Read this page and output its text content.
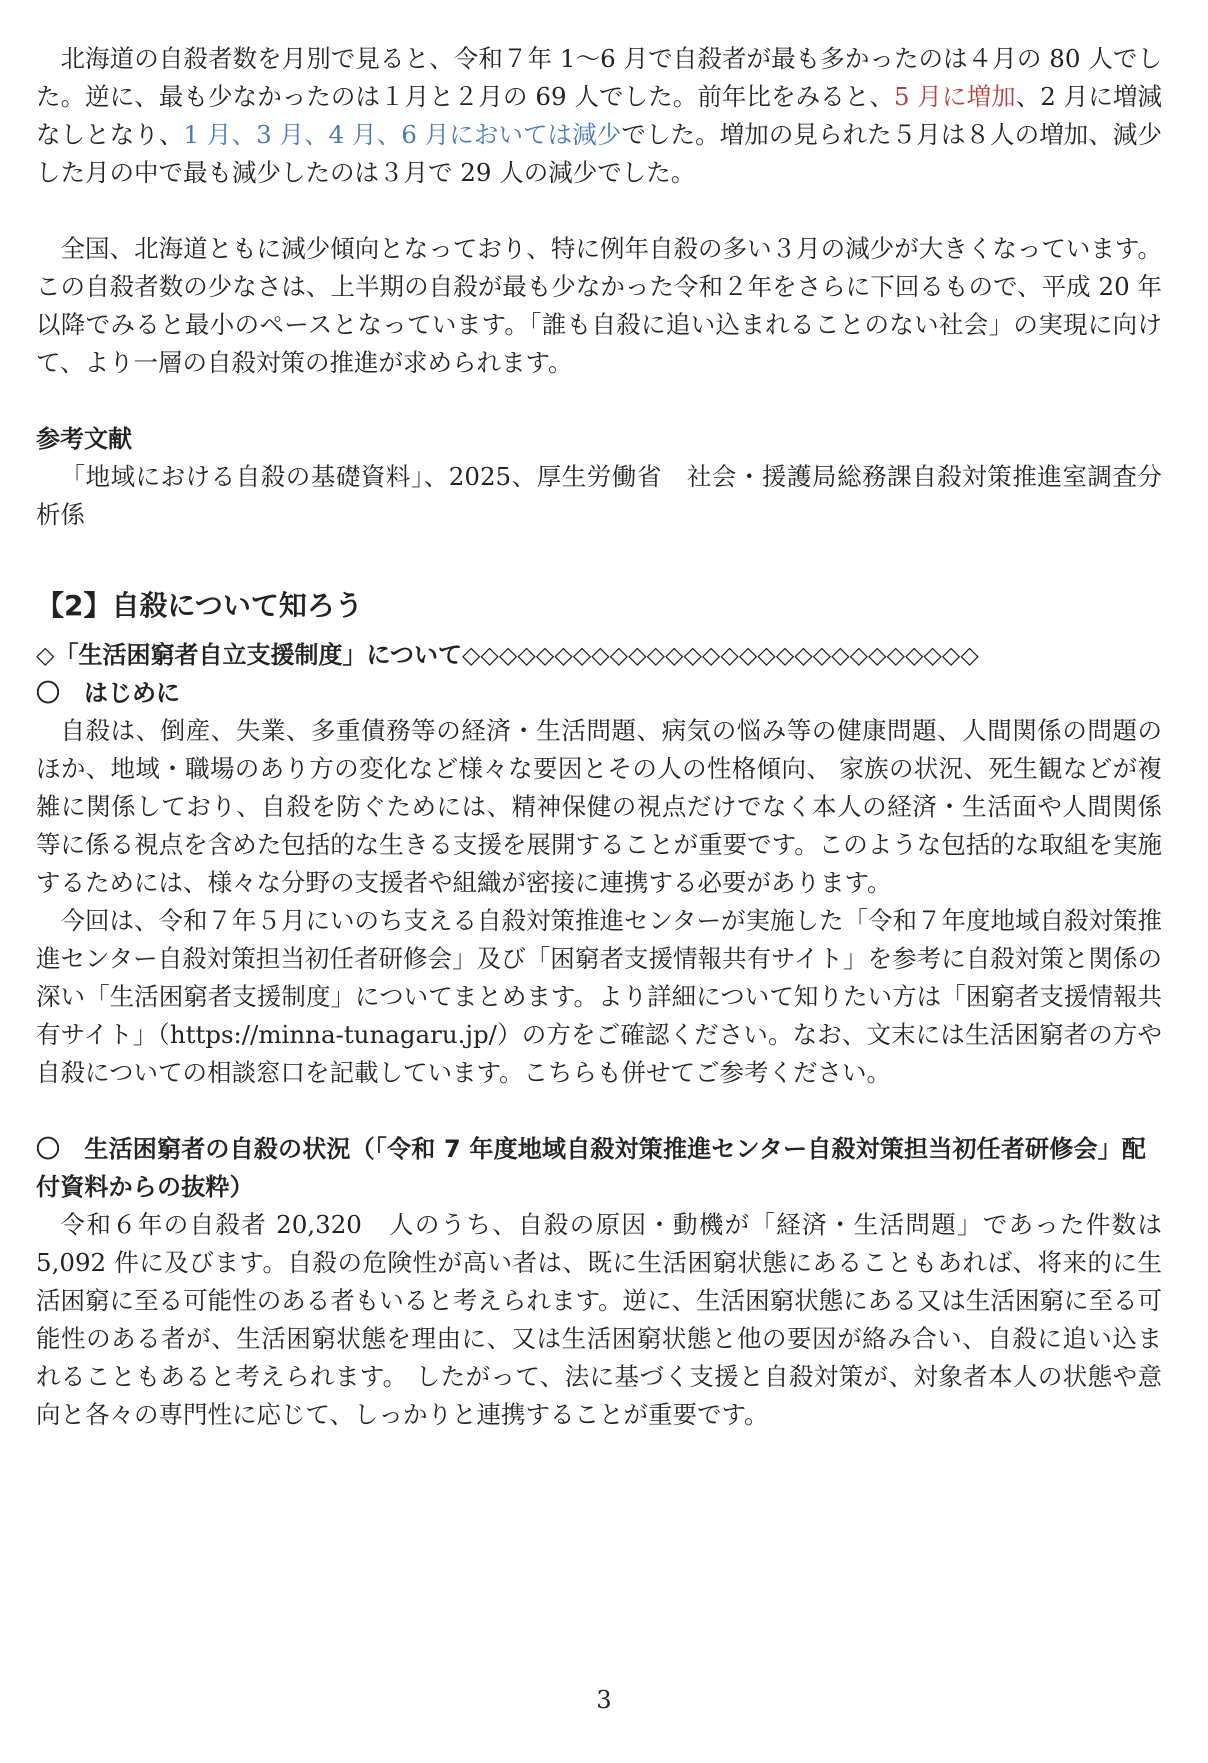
北海道の自殺者数を月別で見ると、令和７年 1～6 月で自殺者が最も多かったのは４月の 80 人でした。逆に、最も少なかったのは１月と２月の 69 人でした。前年比をみると、5 月に増加、2 月に増減なしとなり、1 月、3 月、4 月、6 月においては減少でした。増加の見られた５月は８人の増加、減少した月の中で最も減少したのは３月で 29 人の減少でした。

全国、北海道ともに減少傾向となっており、特に例年自殺の多い３月の減少が大きくなっています。この自殺者数の少なさは、上半期の自殺が最も少なかった令和２年をさらに下回るもので、平成 20 年以降でみると最小のペースとなっています。「誰も自殺に追い込まれることのない社会」の実現に向けて、より一層の自殺対策の推進が求められます。

参考文献

「地域における自殺の基礎資料」、2025、厚生労働省　社会・援護局総務課自殺対策推進室調査分析係

【2】自殺について知ろう
◇「生活困窮者自立支援制度」について◇◇◇◇◇◇◇◇◇◇◇◇◇◇◇◇◇◇◇◇◇◇◇◇◇◇◇◇
〇　はじめに

自殺は、倒産、失業、多重債務等の経済・生活問題、病気の悩み等の健康問題、人間関係の問題のほか、地域・職場のあり方の変化など様々な要因とその人の性格傾向、 家族の状況、死生観などが複雑に関係しており、自殺を防ぐためには、精神保健の視点だけでなく本人の経済・生活面や人間関係等に係る視点を含めた包括的な生きる支援を展開することが重要です。このような包括的な取組を実施するためには、様々な分野の支援者や組織が密接に連携する必要があります。

今回は、令和７年５月にいのち支える自殺対策推進センターが実施した「令和７年度地域自殺対策推進センター自殺対策担当初任者研修会」及び「困窮者支援情報共有サイト」を参考に自殺対策と関係の深い「生活困窮者支援制度」についてまとめます。より詳細について知りたい方は「困窮者支援情報共有サイト」（https://minna-tunagaru.jp/）の方をご確認ください。なお、文末には生活困窮者の方や自殺についての相談窓口を記載しています。こちらも併せてご参考ください。

〇　生活困窮者の自殺の状況（「令和 7 年度地域自殺対策推進センター自殺対策担当初任者研修会」配付資料からの抜粋）

令和６年の自殺者 20,320　人のうち、自殺の原因・動機が「経済・生活問題」であった件数は 5,092 件に及びます。自殺の危険性が高い者は、既に生活困窮状態にあることもあれば、将来的に生活困窮に至る可能性のある者もいると考えられます。逆に、生活困窮状態にある又は生活困窮に至る可能性のある者が、生活困窮状態を理由に、又は生活困窮状態と他の要因が絡み合い、自殺に追い込まれることもあると考えられます。 したがって、法に基づく支援と自殺対策が、対象者本人の状態や意向と各々の専門性に応じて、しっかりと連携することが重要です。

3
